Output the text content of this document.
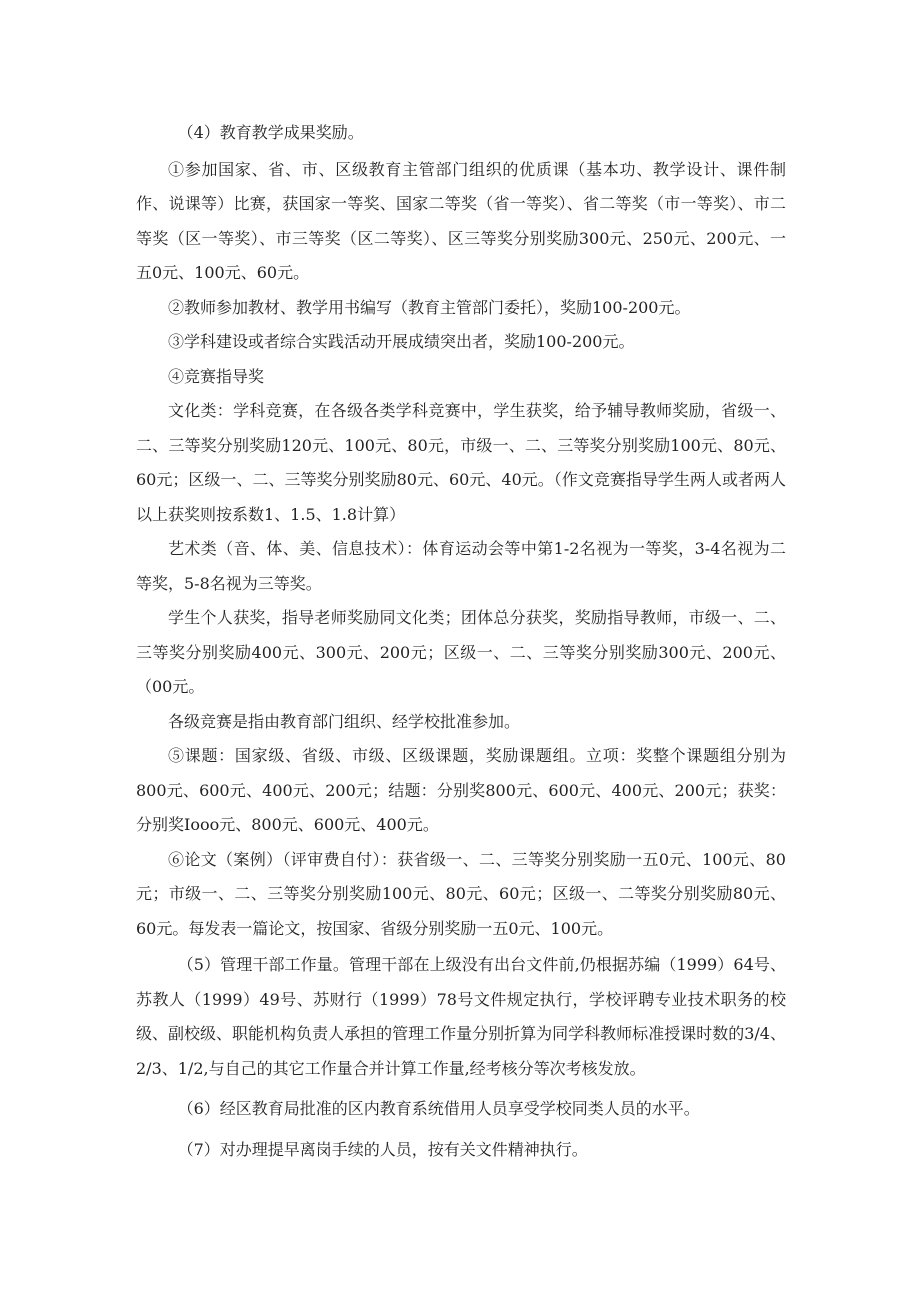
（4）教育教学成果奖励。

①参加国家、省、市、区级教育主管部门组织的优质课（基本功、教学设计、课件制作、说课等）比赛，获国家一等奖、国家二等奖（省一等奖）、省二等奖（市一等奖）、市二等奖（区一等奖）、市三等奖（区二等奖）、区三等奖分别奖励300元、250元、200元、一五0元、100元、60元。

②教师参加教材、教学用书编写（教育主管部门委托），奖励100-200元。

③学科建设或者综合实践活动开展成绩突出者，奖励100-200元。

④竞赛指导奖

文化类：学科竞赛，在各级各类学科竞赛中，学生获奖，给予辅导教师奖励，省级一、二、三等奖分别奖励120元、100元、80元，市级一、二、三等奖分别奖励100元、80元、60元；区级一、二、三等奖分别奖励80元、60元、40元。（作文竞赛指导学生两人或者两人以上获奖则按系数1、1.5、1.8计算）

艺术类（音、体、美、信息技术）：体育运动会等中第1-2名视为一等奖，3-4名视为二等奖，5-8名视为三等奖。

学生个人获奖，指导老师奖励同文化类；团体总分获奖，奖励指导教师，市级一、二、三等奖分别奖励400元、300元、200元；区级一、二、三等奖分别奖励300元、200元、（00元。

各级竞赛是指由教育部门组织、经学校批准参加。

⑤课题：国家级、省级、市级、区级课题，奖励课题组。立项：奖整个课题组分别为800元、600元、400元、200元；结题：分别奖800元、600元、400元、200元；获奖：分别奖Iooo元、800元、600元、400元。

⑥论文（案例）（评审费自付）：获省级一、二、三等奖分别奖励一五0元、100元、80元；市级一、二、三等奖分别奖励100元、80元、60元；区级一、二等奖分别奖励80元、60元。每发表一篇论文，按国家、省级分别奖励一五0元、100元。

（5）管理干部工作量。管理干部在上级没有出台文件前,仍根据苏编（1999）64号、苏教人（1999）49号、苏财行（1999）78号文件规定执行，学校评聘专业技术职务的校级、副校级、职能机构负责人承担的管理工作量分别折算为同学科教师标准授课时数的3/4、2/3、1/2,与自己的其它工作量合并计算工作量,经考核分等次考核发放。

（6）经区教育局批准的区内教育系统借用人员享受学校同类人员的水平。

（7）对办理提早离岗手续的人员，按有关文件精神执行。
